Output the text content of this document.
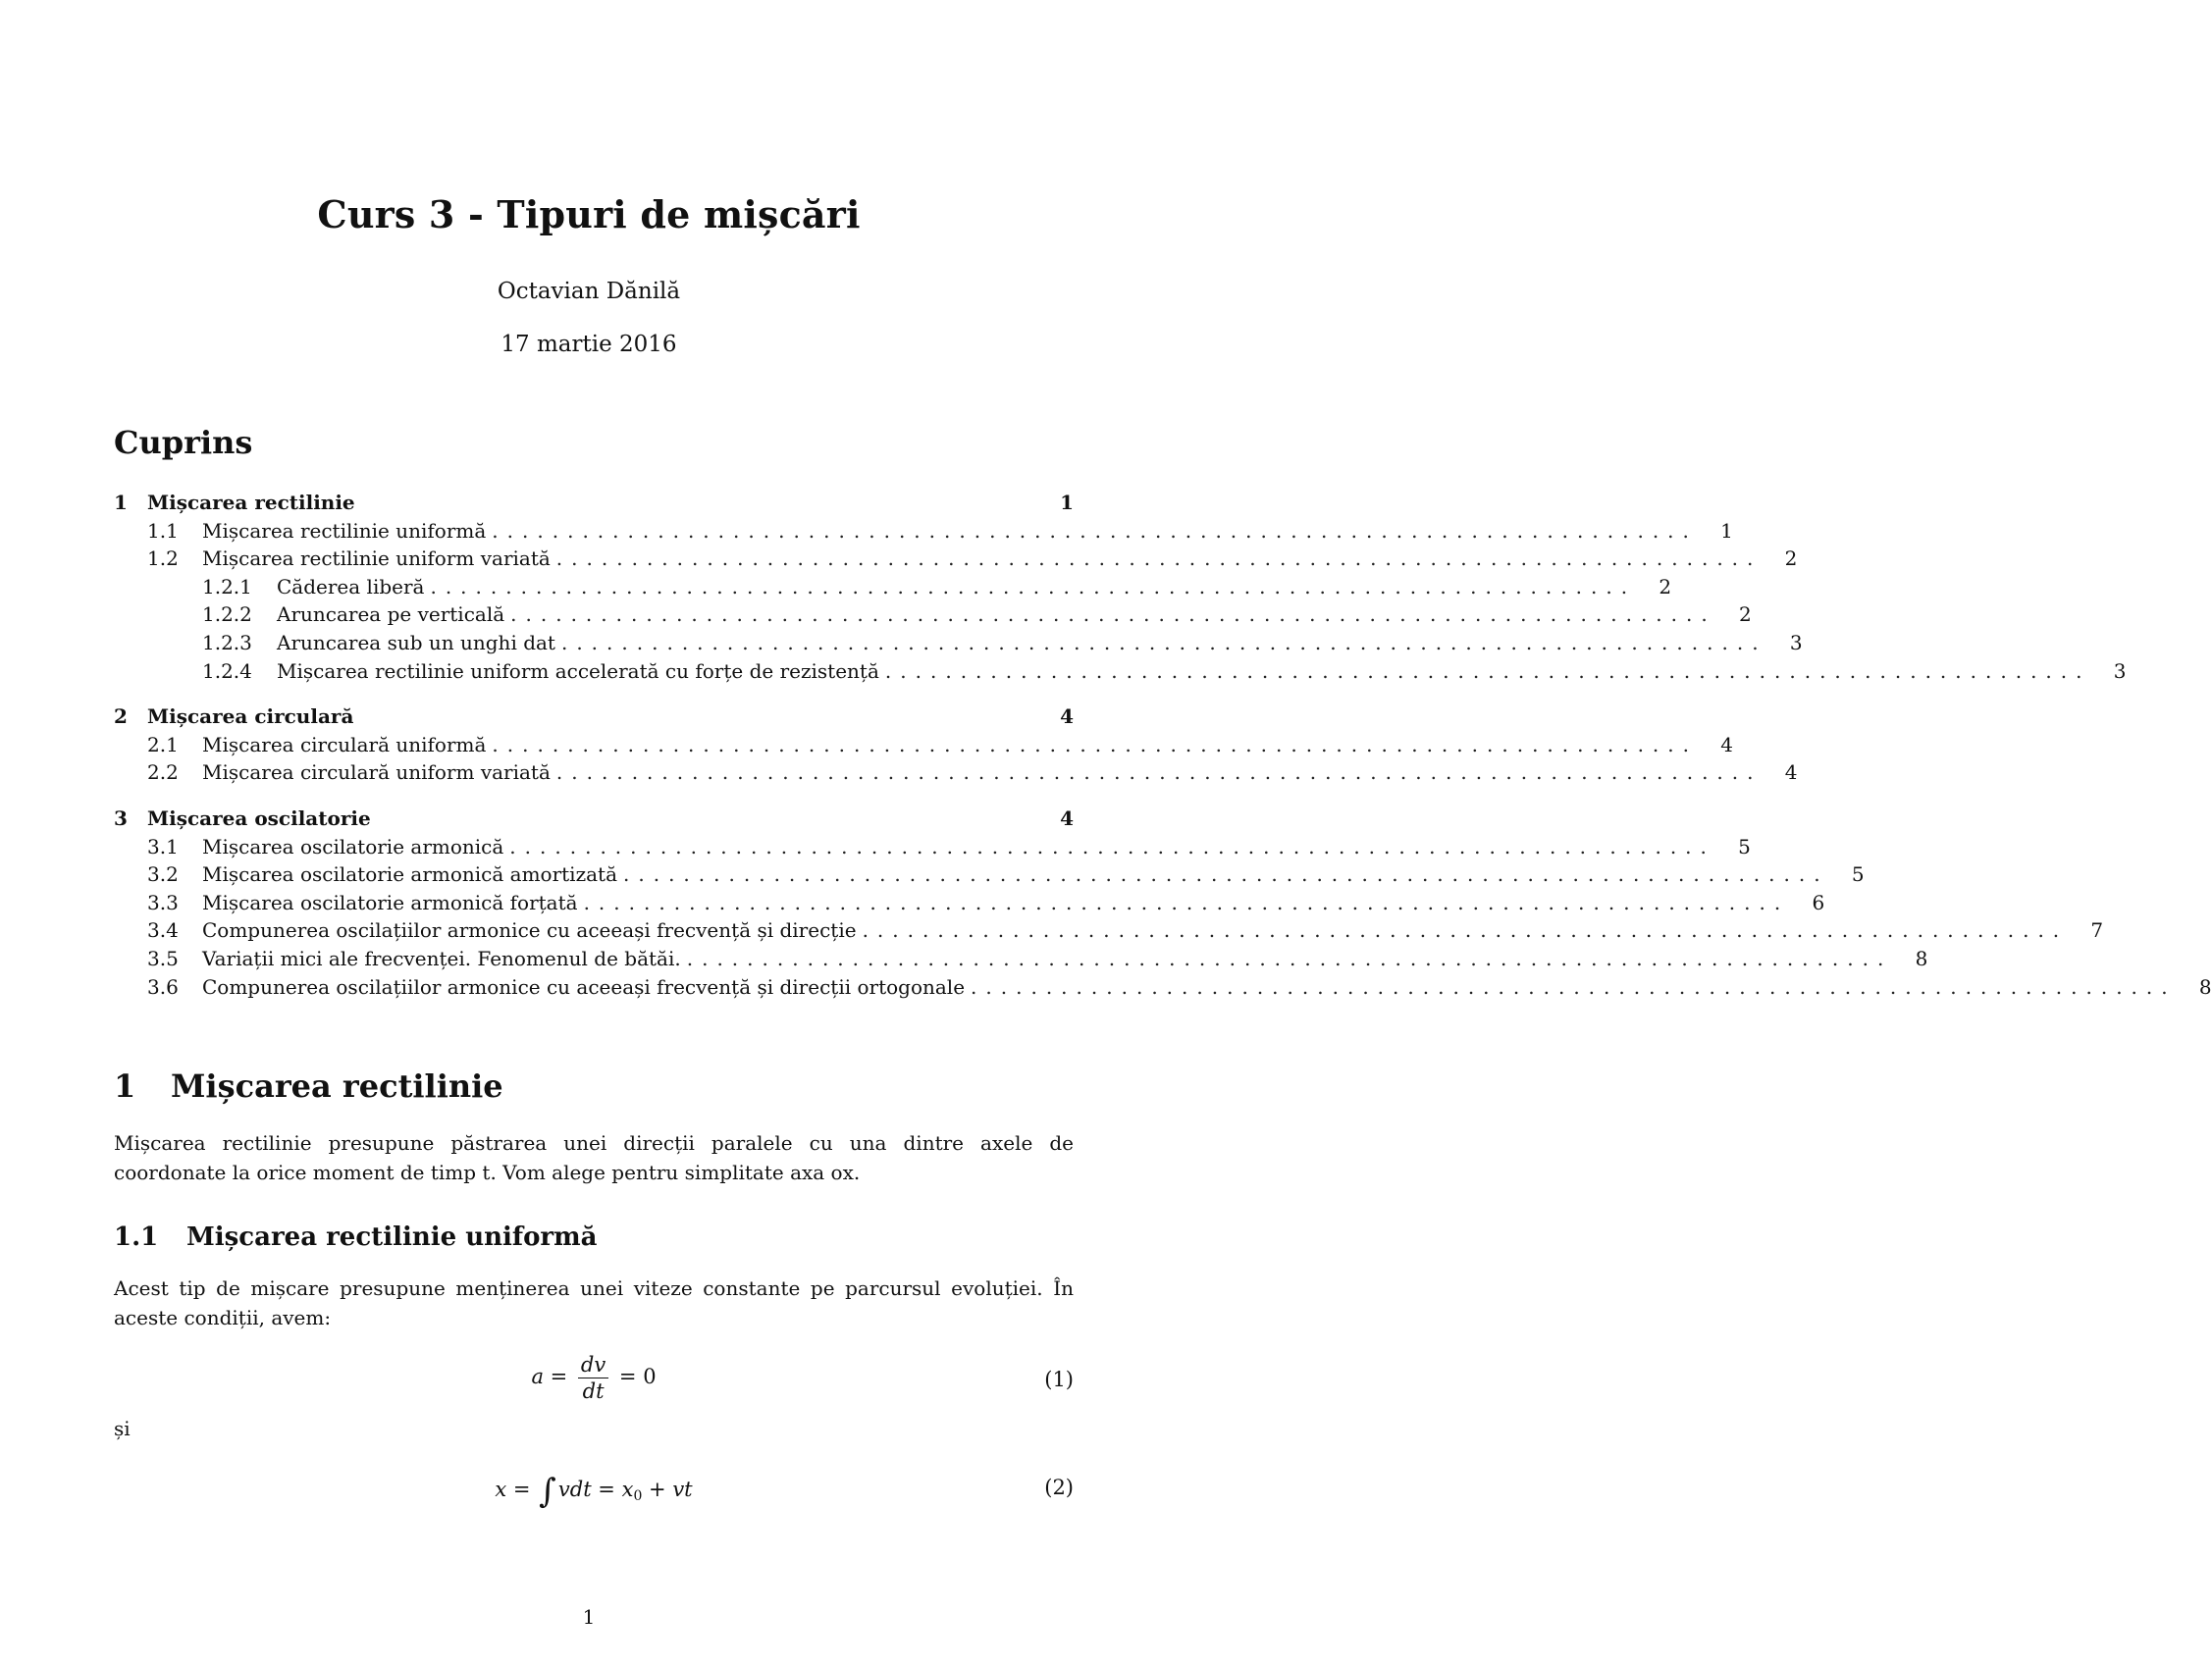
Curs 3 - Tipuri de mișcări
Octavian Dănilă
17 martie 2016
Cuprins
1	Mișcarea rectilinie	1
1.1	Mișcarea rectilinie uniformă ................................................................................	1
1.2	Mișcarea rectilinie uniform variată ................................................................................	2
1.2.1	Căderea liberă ................................................................................	2
1.2.2	Aruncarea pe verticală ................................................................................	2
1.2.3	Aruncarea sub un unghi dat ................................................................................	3
1.2.4	Mișcarea rectilinie uniform accelerată cu forțe de rezistență ................................................................................	3
2	Mișcarea circulară	4
2.1	Mișcarea circulară uniformă ................................................................................	4
2.2	Mișcarea circulară uniform variată ................................................................................	4
3	Mișcarea oscilatorie	4
3.1	Mișcarea oscilatorie armonică ................................................................................	5
3.2	Mișcarea oscilatorie armonică amortizată ................................................................................	5
3.3	Mișcarea oscilatorie armonică forțată ................................................................................	6
3.4	Compunerea oscilațiilor armonice cu aceeași frecvență și direcție ................................................................................	7
3.5	Variații mici ale frecvenței. Fenomenul de bătăi. ................................................................................	8
3.6	Compunerea oscilațiilor armonice cu aceeași frecvență și direcții ortogonale ................................................................................	8
1 Mișcarea rectilinie
Mișcarea rectilinie presupune păstrarea unei direcții paralele cu una dintre axele de coordonate la orice moment de timp t. Vom alege pentru simplitate axa ox.
1.1 Mișcarea rectilinie uniformă
Acest tip de mișcare presupune menținerea unei viteze constante pe parcursul evoluției. În aceste condiții, avem:
$a = \frac{dv}{dt} = 0$	(1)
și
$x = \int vdt = x_0$ + vt	(2)
1
